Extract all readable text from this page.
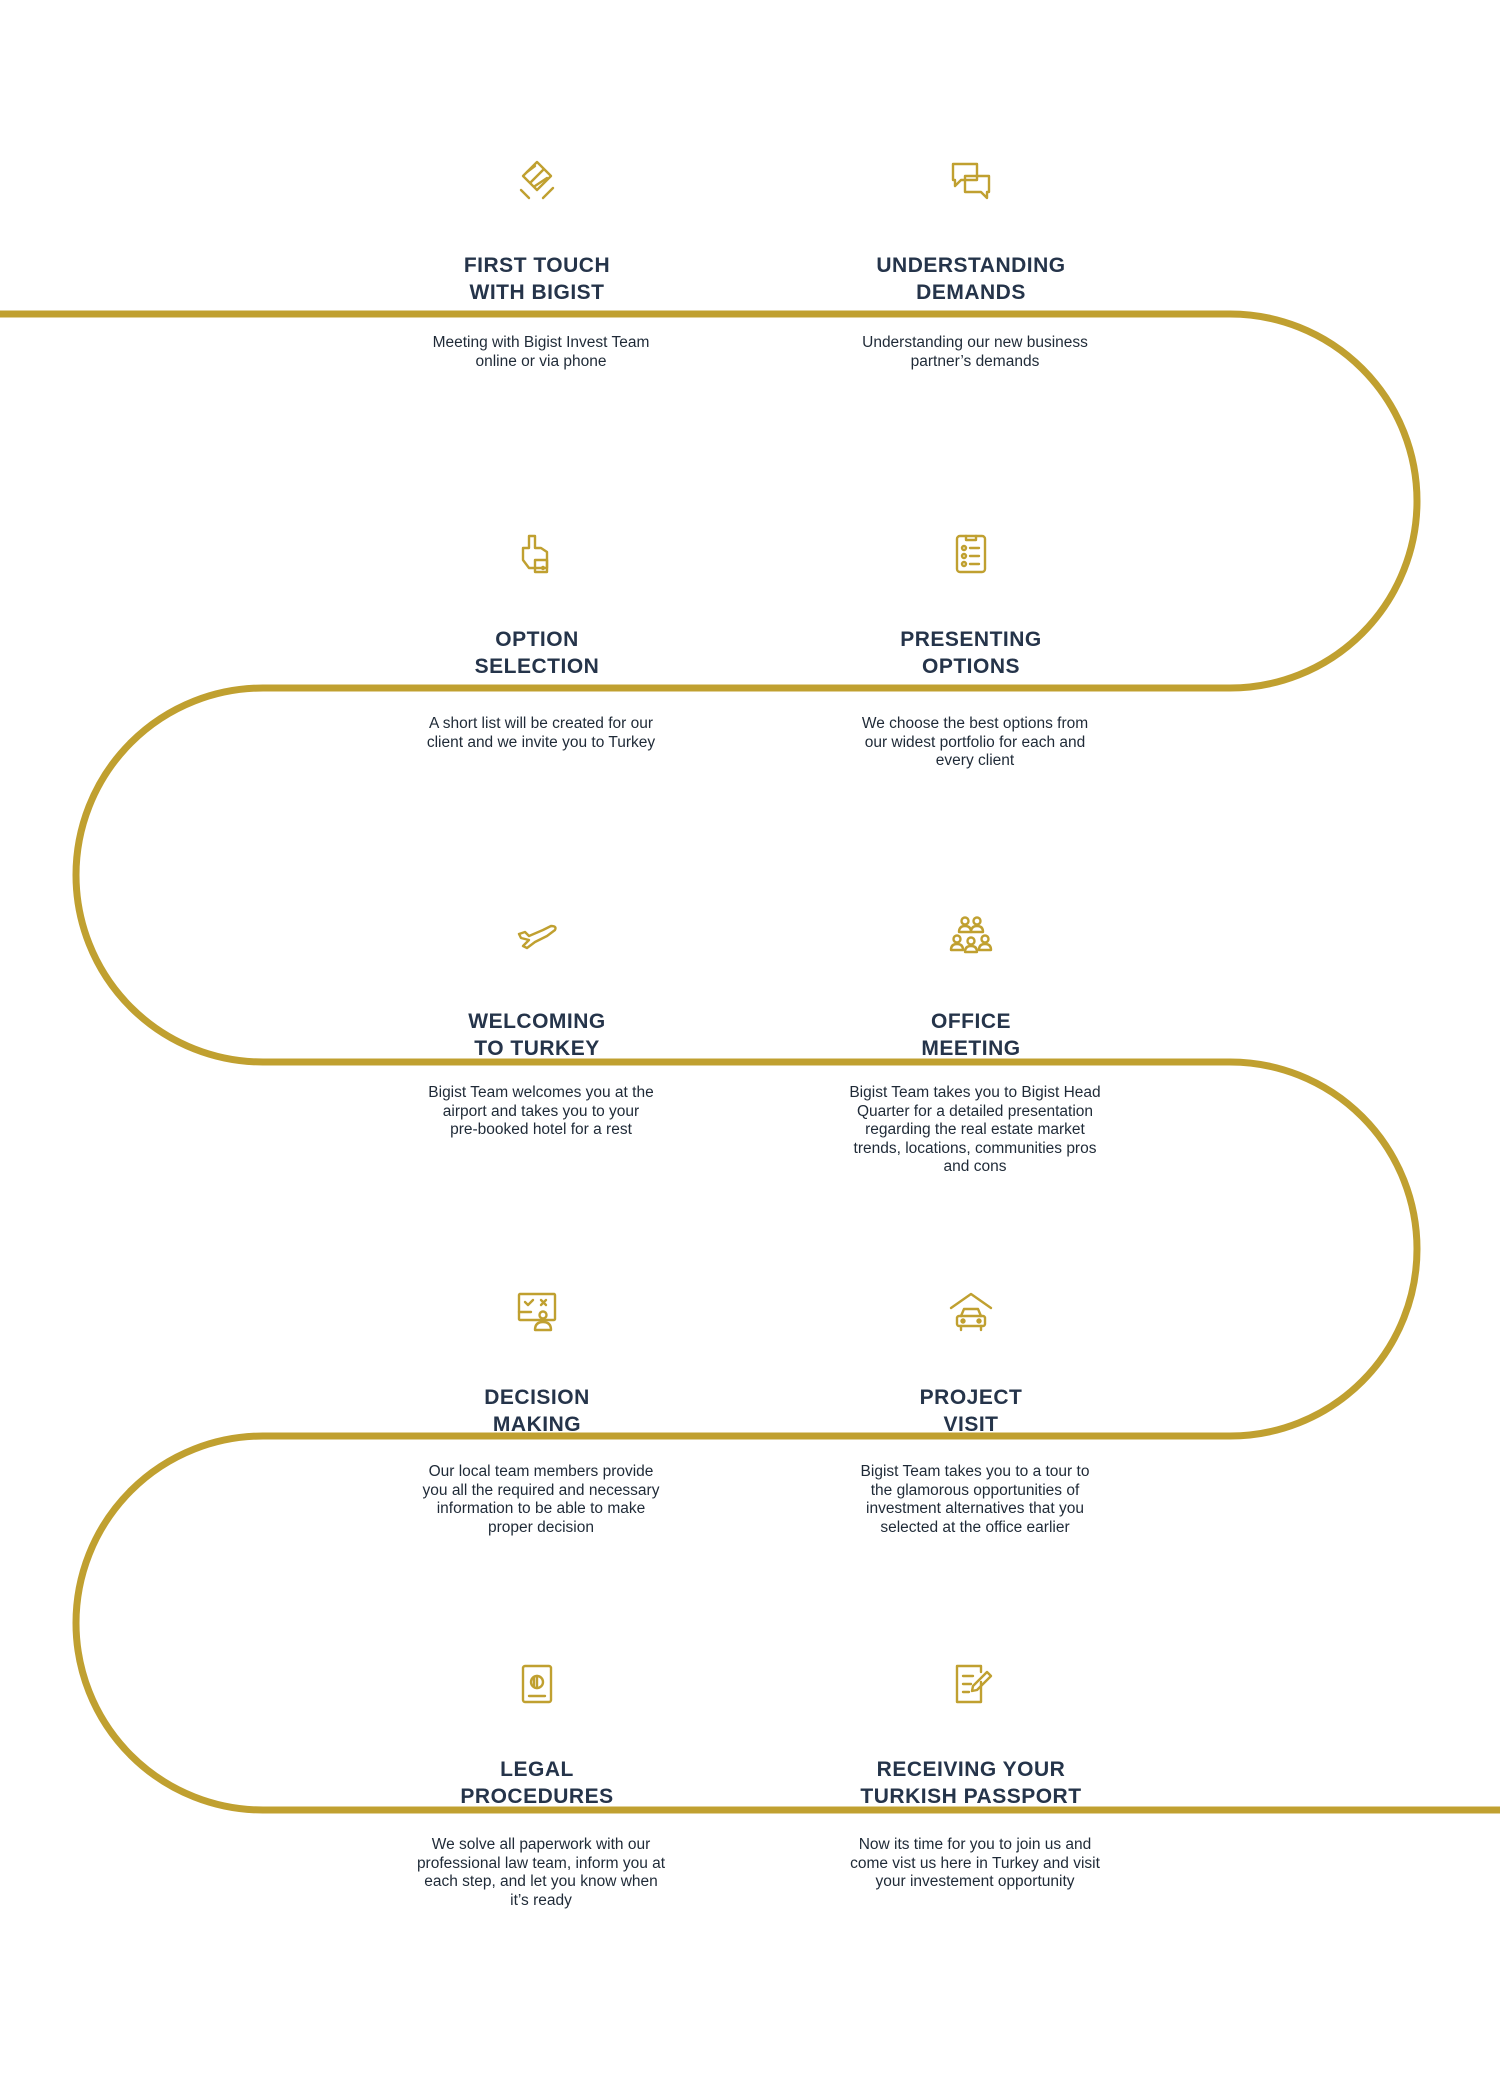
FIRST TOUCH
WITH BIGIST
Meeting with Bigist Invest Team
online or via phone
UNDERSTANDING
DEMANDS
Understanding our new business
partner’s demands
OPTION
SELECTION
A short list will be created for our
client and we invite you to Turkey
PRESENTING
OPTIONS
We choose the best options from
our widest portfolio for each and
every client
WELCOMING
TO TURKEY
Bigist Team welcomes you at the
airport and takes you to your
pre-booked hotel for a rest
OFFICE
MEETING
Bigist Team takes you to Bigist Head
Quarter for a detailed presentation
regarding the real estate market
trends, locations, communities pros
and cons
DECISION
MAKING
Our local team members provide
you all the required and necessary
information to be able to make
proper decision
PROJECT
VISIT
Bigist Team takes you to a tour to
the glamorous opportunities of
investment alternatives that you
selected at the office earlier
LEGAL
PROCEDURES
We solve all paperwork with our
professional law team, inform you at
each step, and let you know when
it’s ready
RECEIVING YOUR
TURKISH PASSPORT
Now its time for you to join us and
come vist us here in Turkey and visit
your investement opportunity
